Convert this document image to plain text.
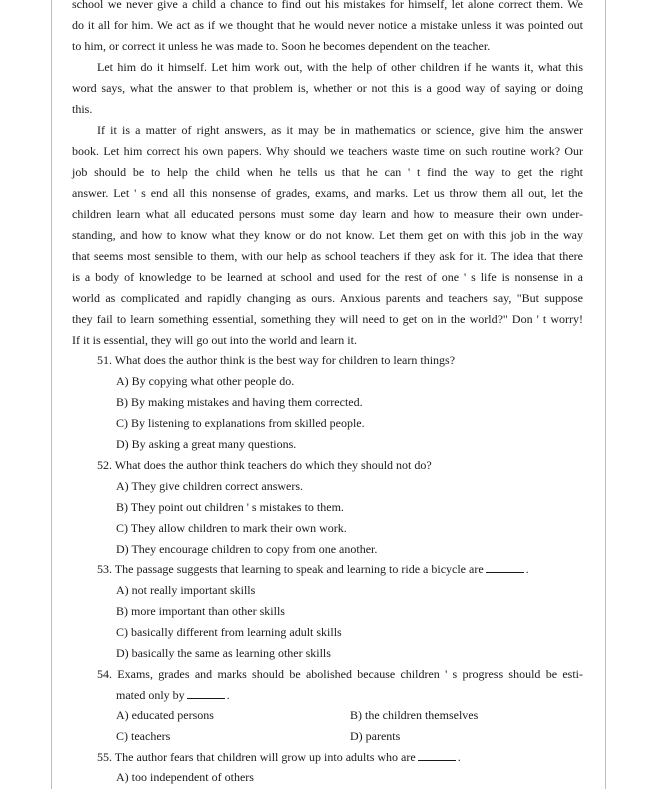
school we never give a child a chance to find out his mistakes for himself, let alone correct them. We
do it all for him. We act as if we thought that he would never notice a mistake unless it was pointed out
to him, or correct it unless he was made to. Soon he becomes dependent on the teacher.
Let him do it himself. Let him work out, with the help of other children if he wants it, what this
word says, what the answer to that problem is, whether or not this is a good way of saying or doing
this.
If it is a matter of right answers, as it may be in mathematics or science, give him the answer
book. Let him correct his own papers. Why should we teachers waste time on such routine work? Our
job should be to help the child when he tells us that he can ' t find the way to get the right
answer. Let ' s end all this nonsense of grades, exams, and marks. Let us throw them all out, let the
children learn what all educated persons must some day learn and how to measure their own under-
standing, and how to know what they know or do not know. Let them get on with this job in the way
that seems most sensible to them, with our help as school teachers if they ask for it. The idea that there
is a body of knowledge to be learned at school and used for the rest of one ' s life is nonsense in a
world as complicated and rapidly changing as ours. Anxious parents and teachers say, "But suppose
they fail to learn something essential, something they will need to get on in the world?" Don ' t worry!
If it is essential, they will go out into the world and learn it.
51. What does the author think is the best way for children to learn things?
A) By copying what other people do.
B) By making mistakes and having them corrected.
C) By listening to explanations from skilled people.
D) By asking a great many questions.
52. What does the author think teachers do which they should not do?
A) They give children correct answers.
B) They point out children ' s mistakes to them.
C) They allow children to mark their own work.
D) They encourage children to copy from one another.
53. The passage suggests that learning to speak and learning to ride a bicycle are	.
A) not really important skills
B) more important than other skills
C) basically different from learning adult skills
D) basically the same as learning other skills
54. Exams, grades and marks should be abolished because children ' s progress should be esti-
mated only by	.
A) educated persons	B) the children themselves
C) teachers	D) parents
55. The author fears that children will grow up into adults who are	.
A) too independent of others
